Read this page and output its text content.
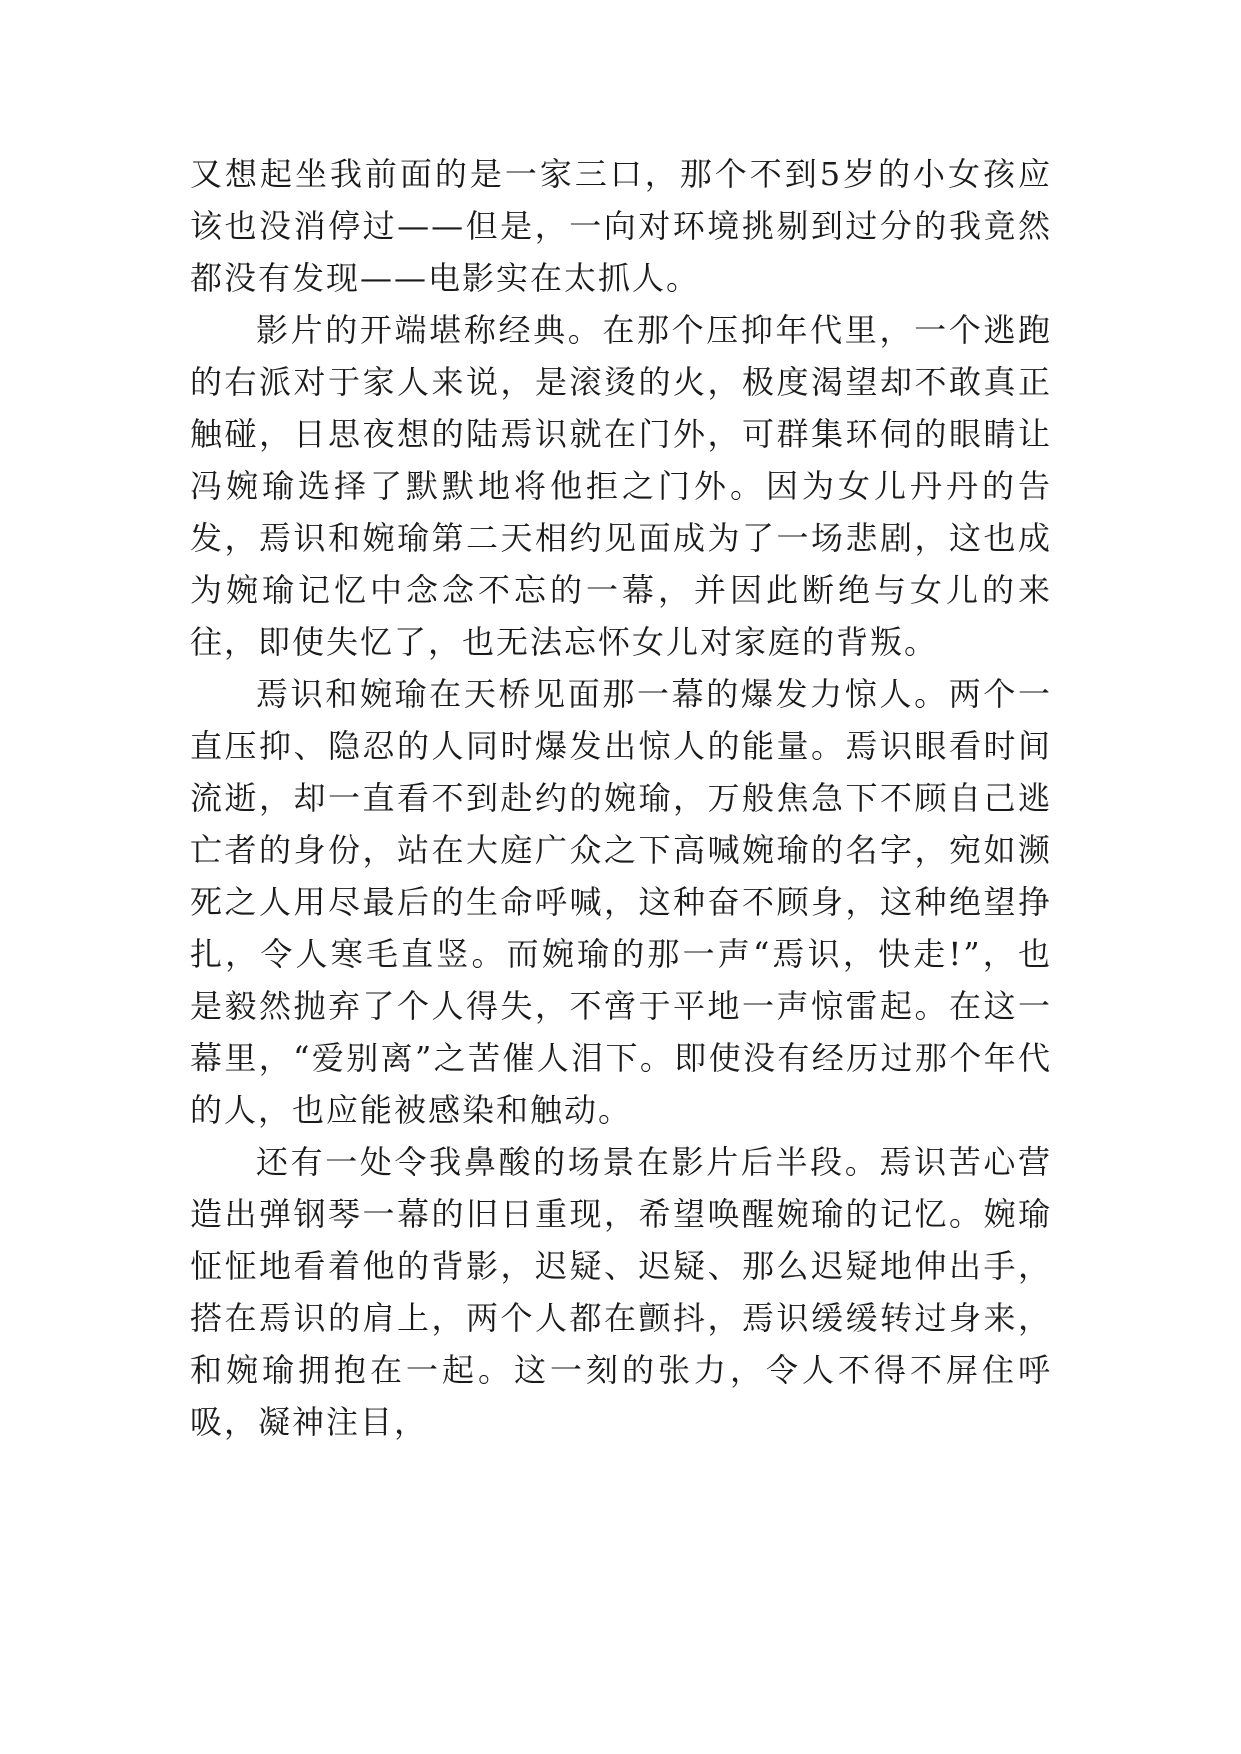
又想起坐我前面的是一家三口，那个不到5岁的小女孩应该也没消停过——但是，一向对环境挑剔到过分的我竟然都没有发现——电影实在太抓人。

影片的开端堪称经典。在那个压抑年代里，一个逃跑的右派对于家人来说，是滚烫的火，极度渴望却不敢真正触碰，日思夜想的陆焉识就在门外，可群集环伺的眼睛让冯婉瑜选择了默默地将他拒之门外。因为女儿丹丹的告发，焉识和婉瑜第二天相约见面成为了一场悲剧，这也成为婉瑜记忆中念念不忘的一幕，并因此断绝与女儿的来往，即使失忆了，也无法忘怀女儿对家庭的背叛。

焉识和婉瑜在天桥见面那一幕的爆发力惊人。两个一直压抑、隐忍的人同时爆发出惊人的能量。焉识眼看时间流逝，却一直看不到赴约的婉瑜，万般焦急下不顾自己逃亡者的身份，站在大庭广众之下高喊婉瑜的名字，宛如濒死之人用尽最后的生命呼喊，这种奋不顾身，这种绝望挣扎，令人寒毛直竖。而婉瑜的那一声“焉识，快走!”，也是毅然抛弃了个人得失，不啻于平地一声惊雷起。在这一幕里，“爱别离”之苦催人泪下。即使没有经历过那个年代的人，也应能被感染和触动。

还有一处令我鼻酸的场景在影片后半段。焉识苦心营造出弹钢琴一幕的旧日重现，希望唤醒婉瑜的记忆。婉瑜怔怔地看着他的背影，迟疑、迟疑、那么迟疑地伸出手，搭在焉识的肩上，两个人都在颤抖，焉识缓缓转过身来，和婉瑜拥抱在一起。这一刻的张力，令人不得不屏住呼吸，凝神注目，
